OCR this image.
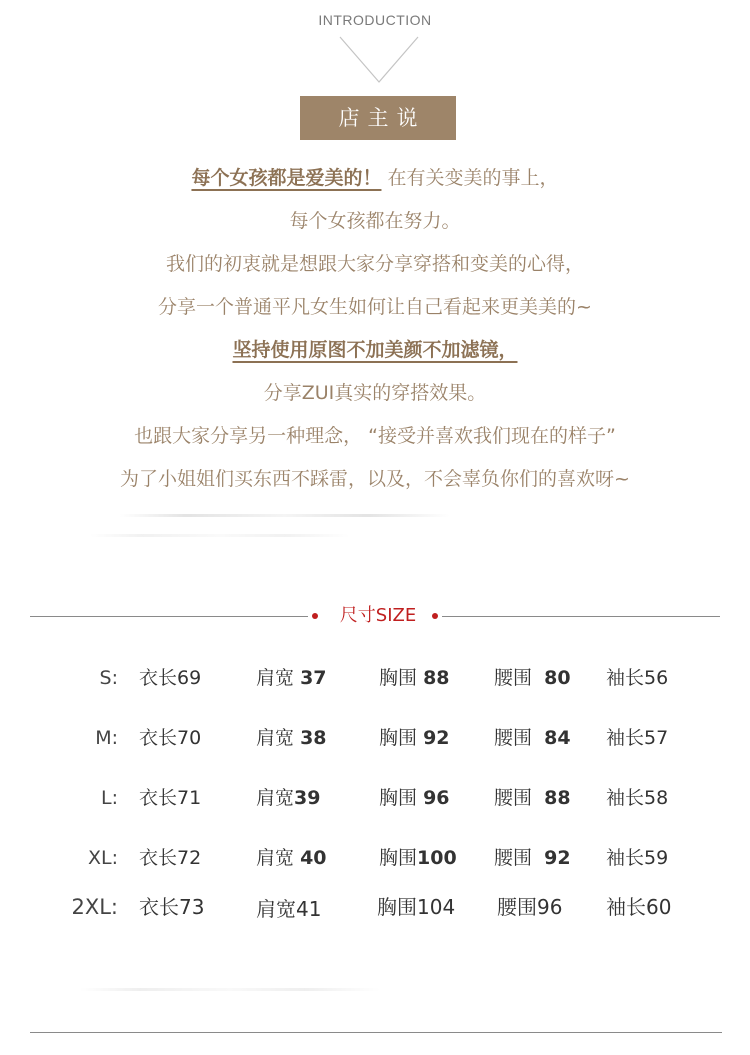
INTRODUCTION
店主说
每个女孩都是爱美的！ 在有关变美的事上，
每个女孩都在努力。
我们的初衷就是想跟大家分享穿搭和变美的心得，
分享一个普通平凡女生如何让自己看起来更美美的~
坚持使用原图不加美颜不加滤镜，
分享ZUI真实的穿搭效果。
也跟大家分享另一种理念， “接受并喜欢我们现在的样子”
为了小姐姐们买东西不踩雷，以及，不会辜负你们的喜欢呀~
尺寸SIZE
S: 衣长69	肩宽 37	胸围 88 腰围 80 袖长56
M: 衣长70	肩宽 38	胸围 92 腰围 84 袖长57
L: 衣长71	肩宽39	胸围 96 腰围 88 袖长58
XL: 衣长72	肩宽 40	胸围100 腰围 92 袖长59
2XL: 衣长73	肩宽41	胸围104 腰围96 袖长60
